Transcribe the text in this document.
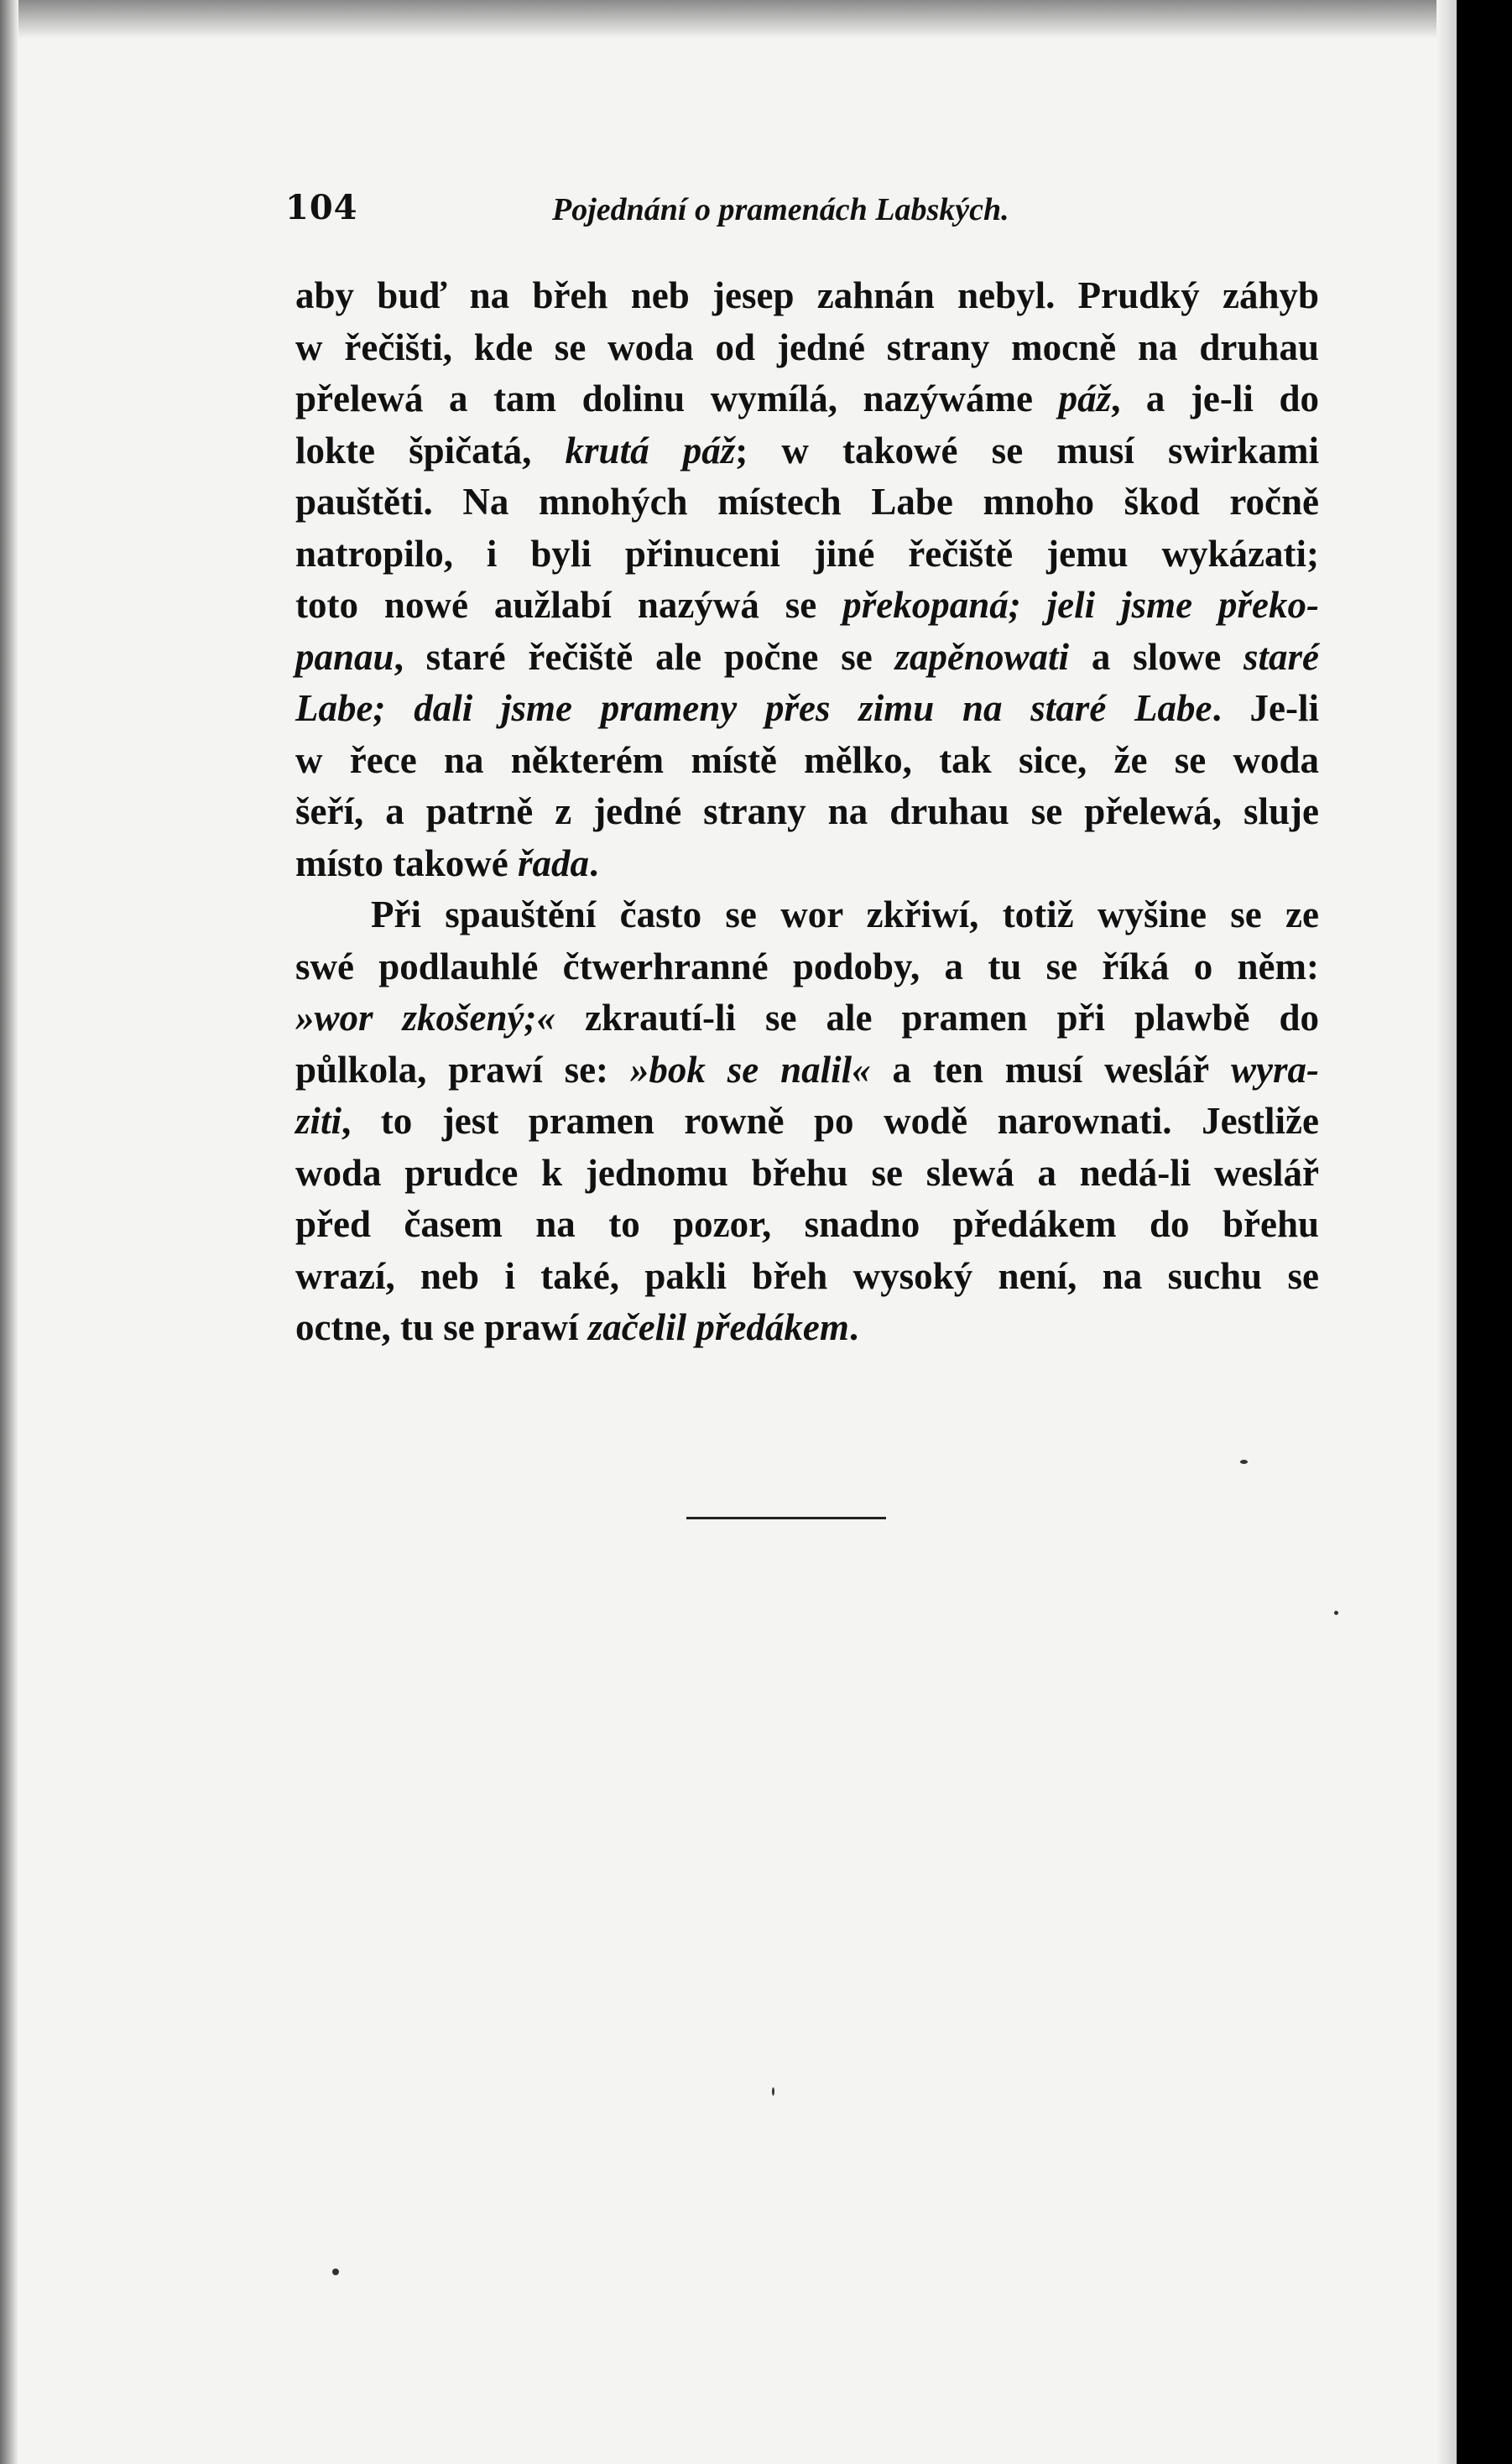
104	Pojednání o pramenách Labských.
aby buď na břeh neb jesep zahnán nebyl. Prudký záhyb
w řečišti, kde se woda od jedné strany mocně na druhau
přelewá a tam dolinu wymílá, nazýwáme páž, a je-li do
lokte špičatá, krutá páž; w takowé se musí swirkami
pauštěti. Na mnohých místech Labe mnoho škod ročně
natropilo, i byli přinuceni jiné řečiště jemu wykázati;
toto nowé aužlabí nazýwá se překopaná; jeli jsme překo-
panau, staré řečiště ale počne se zapěnowati a slowe staré
Labe; dali jsme prameny přes zimu na staré Labe. Je-li
w řece na některém místě mělko, tak sice, že se woda
šeří, a patrně z jedné strany na druhau se přelewá, sluje
místo takowé řada.
Při spauštění často se wor zkřiwí, totiž wyšine se ze
swé podlauhlé čtwerhranné podoby, a tu se říká o něm:
»wor zkošený;« zkrautí-li se ale pramen při plawbě do
půlkola, prawí se: »bok se nalil« a ten musí weslář wyra-
ziti, to jest pramen rowně po wodě narownati. Jestliže
woda prudce k jednomu břehu se slewá a nedá-li weslář
před časem na to pozor, snadno předákem do břehu
wrazí, neb i také, pakli břeh wysoký není, na suchu se
octne, tu se prawí začelil předákem.
